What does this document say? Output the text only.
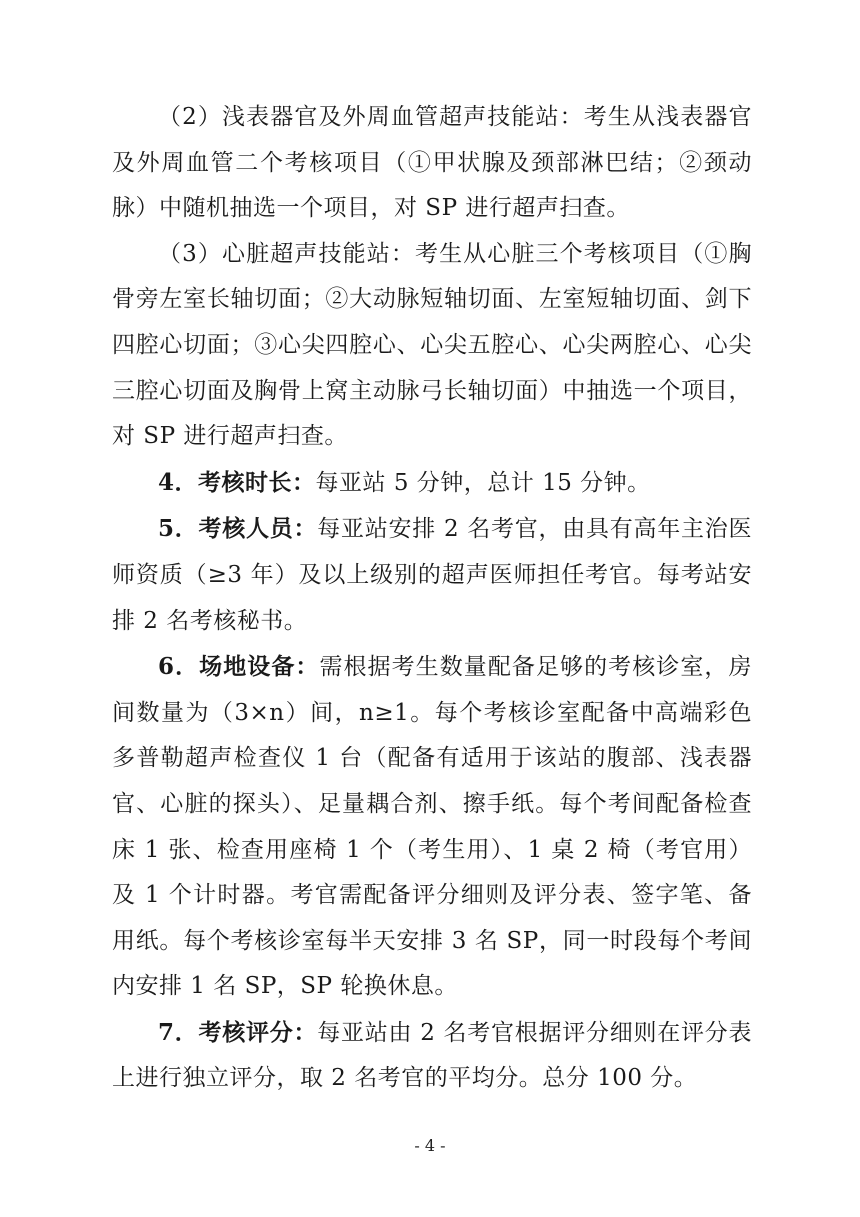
（2）浅表器官及外周血管超声技能站：考生从浅表器官及外周血管二个考核项目（①甲状腺及颈部淋巴结；②颈动脉）中随机抽选一个项目，对 SP 进行超声扫查。

（3）心脏超声技能站：考生从心脏三个考核项目（①胸骨旁左室长轴切面；②大动脉短轴切面、左室短轴切面、剑下四腔心切面；③心尖四腔心、心尖五腔心、心尖两腔心、心尖三腔心切面及胸骨上窝主动脉弓长轴切面）中抽选一个项目，对 SP 进行超声扫查。

4．考核时长：每亚站 5 分钟，总计 15 分钟。

5．考核人员：每亚站安排 2 名考官，由具有高年主治医师资质（≥3 年）及以上级别的超声医师担任考官。每考站安排 2 名考核秘书。

6．场地设备：需根据考生数量配备足够的考核诊室，房间数量为（3×n）间，n≥1。每个考核诊室配备中高端彩色多普勒超声检查仪 1 台（配备有适用于该站的腹部、浅表器官、心脏的探头）、足量耦合剂、擦手纸。每个考间配备检查床 1 张、检查用座椅 1 个（考生用）、1 桌 2 椅（考官用）及 1 个计时器。考官需配备评分细则及评分表、签字笔、备用纸。每个考核诊室每半天安排 3 名 SP，同一时段每个考间内安排 1 名 SP，SP 轮换休息。

7．考核评分：每亚站由 2 名考官根据评分细则在评分表上进行独立评分，取 2 名考官的平均分。总分 100 分。

- 4 -
